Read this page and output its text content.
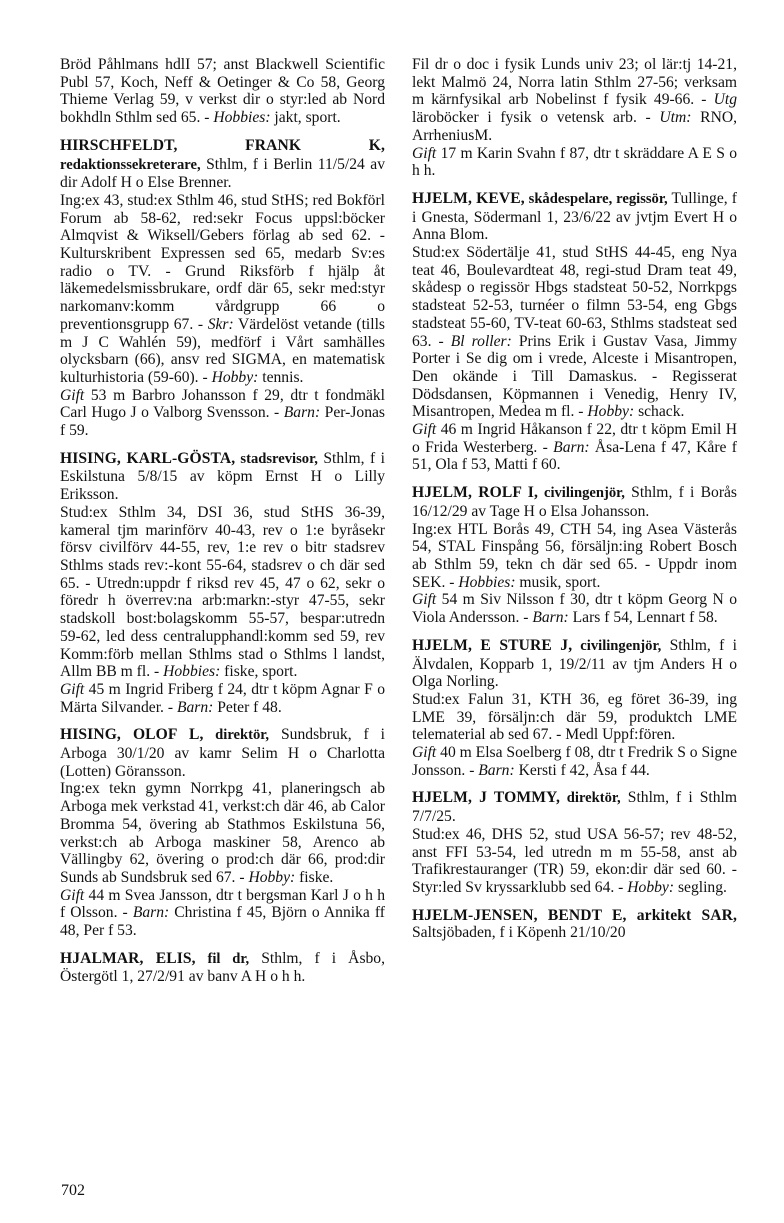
Bröd Påhlmans hdlI 57; anst Blackwell Scientific Publ 57, Koch, Neff & Oetinger & Co 58, Georg Thieme Verlag 59, v verkst dir o styr:led ab Nord bokhdln Sthlm sed 65. - Hobbies: jakt, sport.

HIRSCHFELDT, FRANK K, redaktionssekreterare, Sthlm, f i Berlin 11/5/24 av dir Adolf H o Else Brenner.

Ing:ex 43, stud:ex Sthlm 46, stud StHS; red Bokförl Forum ab 58-62, red:sekr Focus uppsl:böcker Almqvist & Wiksell/Gebers förlag ab sed 62. - Kulturskribent Expressen sed 65, medarb Sv:es radio o TV. - Grund Riksförb f hjälp åt läkemedelsmissbrukare, ordf där 65, sekr med:styr narkomanv:komm vårdgrupp 66 o preventionsgrupp 67. - Skr: Värdelöst vetande (tills m J C Wahlén 59), medförf i Vårt samhälles olycksbarn (66), ansv red SIGMA, en matematisk kulturhistoria (59-60). - Hobby: tennis.

Gift 53 m Barbro Johansson f 29, dtr t fondmäkl Carl Hugo J o Valborg Svensson. - Barn: Per-Jonas f 59.

HISING, KARL-GÖSTA, stadsrevisor, Sthlm, f i Eskilstuna 5/8/15 av köpm Ernst H o Lilly Eriksson.

Stud:ex Sthlm 34, DSI 36, stud StHS 36-39, kameral tjm marinförv 40-43, rev o 1:e byråsekr försv civilförv 44-55, rev, 1:e rev o bitr stadsrev Sthlms stads rev:-kont 55-64, stadsrev o ch där sed 65. - Utredn:uppdr f riksd rev 45, 47 o 62, sekr o föredr h överrev:na arb:markn:-styr 47-55, sekr stadskoll bost:bolagskomm 55-57, bespar:utredn 59-62, led dess centralupphandl:komm sed 59, rev Komm:förb mellan Sthlms stad o Sthlms l landst, Allm BB m fl. - Hobbies: fiske, sport.

Gift 45 m Ingrid Friberg f 24, dtr t köpm Agnar F o Märta Silvander. - Barn: Peter f 48.

HISING, OLOF L, direktör, Sundsbruk, f i Arboga 30/1/20 av kamr Selim H o Charlotta (Lotten) Göransson.

Ing:ex tekn gymn Norrkpg 41, planeringsch ab Arboga mek verkstad 41, verkst:ch där 46, ab Calor Bromma 54, övering ab Stathmos Eskilstuna 56, verkst:ch ab Arboga maskiner 58, Arenco ab Vällingby 62, övering o prod:ch där 66, prod:dir Sunds ab Sundsbruk sed 67. - Hobby: fiske.

Gift 44 m Svea Jansson, dtr t bergsman Karl J o h h f Olsson. - Barn: Christina f 45, Björn o Annika ff 48, Per f 53.

HJALMAR, ELIS, fil dr, Sthlm, f i Åsbo, Östergötl 1, 27/2/91 av banv A H o h h.

Fil dr o doc i fysik Lunds univ 23; ol lär:tj 14-21, lekt Malmö 24, Norra latin Sthlm 27-56; verksam m kärnfysikal arb Nobelinst f fysik 49-66. - Utg läroböcker i fysik o vetensk arb. - Utm: RNO, ArrheniusM.

Gift 17 m Karin Svahn f 87, dtr t skräddare A E S o h h.

HJELM, KEVE, skådespelare, regissör, Tullinge, f i Gnesta, Södermanl 1, 23/6/22 av jvtjm Evert H o Anna Blom.

Stud:ex Södertälje 41, stud StHS 44-45, eng Nya teat 46, Boulevardteat 48, regi-stud Dram teat 49, skådesp o regissör Hbgs stadsteat 50-52, Norrkpgs stadsteat 52-53, turnéer o filmn 53-54, eng Gbgs stadsteat 55-60, TV-teat 60-63, Sthlms stadsteat sed 63. - Bl roller: Prins Erik i Gustav Vasa, Jimmy Porter i Se dig om i vrede, Alceste i Misantropen, Den okände i Till Damaskus. - Regisserat Dödsdansen, Köpmannen i Venedig, Henry IV, Misantropen, Medea m fl. - Hobby: schack.

Gift 46 m Ingrid Håkanson f 22, dtr t köpm Emil H o Frida Westerberg. - Barn: Åsa-Lena f 47, Kåre f 51, Ola f 53, Matti f 60.

HJELM, ROLF I, civilingenjör, Sthlm, f i Borås 16/12/29 av Tage H o Elsa Johansson.

Ing:ex HTL Borås 49, CTH 54, ing Asea Västerås 54, STAL Finspång 56, försäljn:ing Robert Bosch ab Sthlm 59, tekn ch där sed 65. - Uppdr inom SEK. - Hobbies: musik, sport.

Gift 54 m Siv Nilsson f 30, dtr t köpm Georg N o Viola Andersson. - Barn: Lars f 54, Lennart f 58.

HJELM, E STURE J, civilingenjör, Sthlm, f i Älvdalen, Kopparb 1, 19/2/11 av tjm Anders H o Olga Norling.

Stud:ex Falun 31, KTH 36, eg föret 36-39, ing LME 39, försäljn:ch där 59, produktch LME telematerial ab sed 67. - Medl Uppf:fören.

Gift 40 m Elsa Soelberg f 08, dtr t Fredrik S o Signe Jonsson. - Barn: Kersti f 42, Åsa f 44.

HJELM, J TOMMY, direktör, Sthlm, f i Sthlm 7/7/25.

Stud:ex 46, DHS 52, stud USA 56-57; rev 48-52, anst FFI 53-54, led utredn m m 55-58, anst ab Trafikrestauranger (TR) 59, ekon:dir där sed 60. - Styr:led Sv kryssarklubb sed 64. - Hobby: segling.

HJELM-JENSEN, BENDT E, arkitekt SAR, Saltsjöbaden, f i Köpenh 21/10/20

702
